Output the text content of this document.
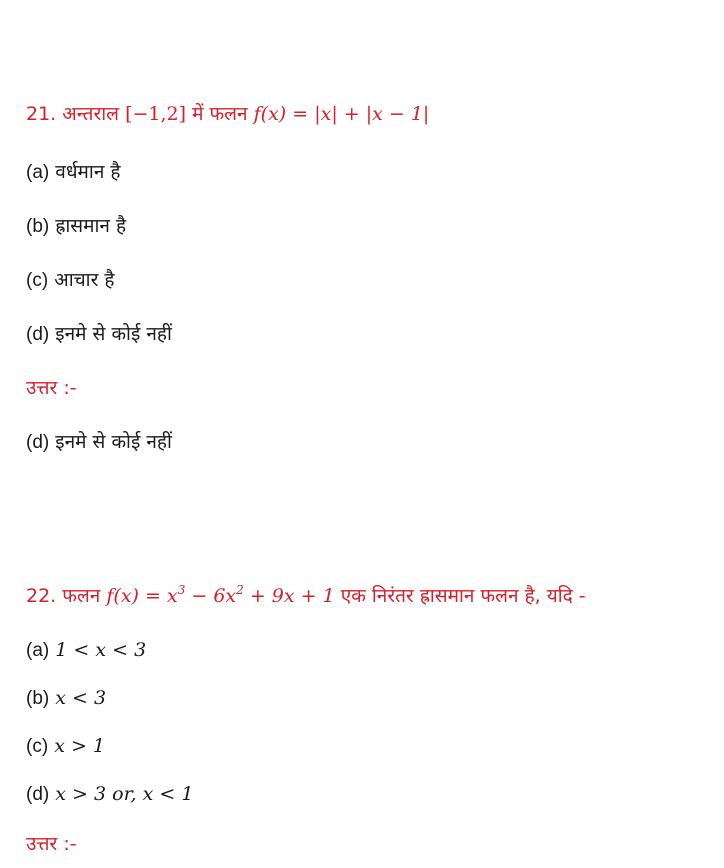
21. अन्तराल [−1,2] में फलन f(x) = |x| + |x − 1|
(a) वर्धमान है
(b) ह्रासमान है
(c) आचार है
(d) इनमे से कोई नहीं
उत्तर :-
(d) इनमे से कोई नहीं
22. फलन $f(x) = x^3 - 6x^2 + 9x + 1$ एक निरंतर ह्रासमान फलन है, यदि -
(a) 1 < x < 3
(b) x < 3
(c) x > 1
(d) x > 3 or, x < 1
उत्तर :-
